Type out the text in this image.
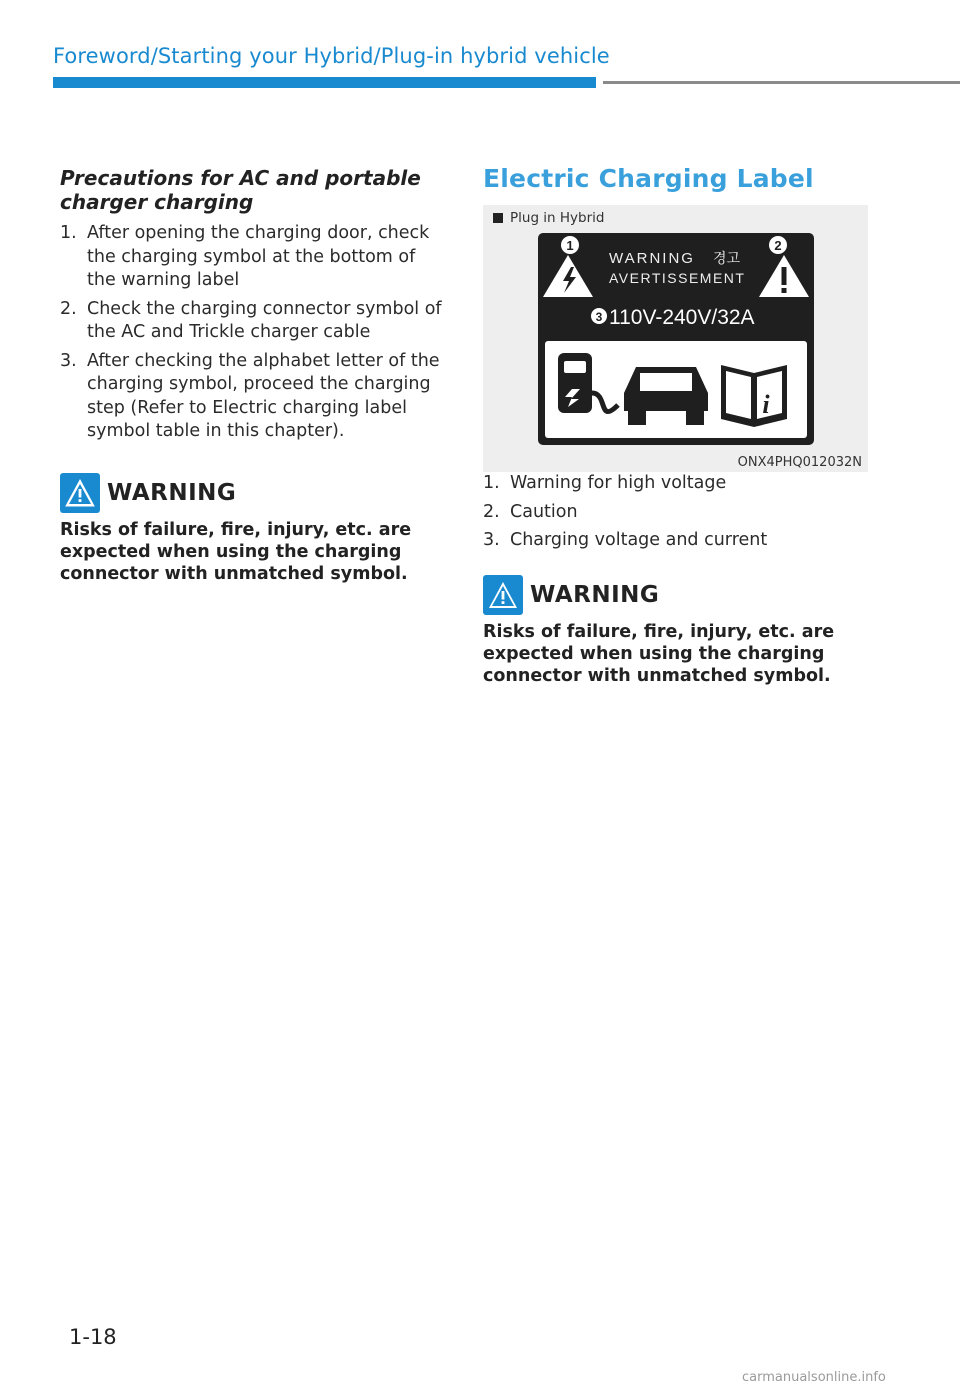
Foreword/Starting your Hybrid/Plug-in hybrid vehicle
Precautions for AC and portable
charger charging
1. After opening the charging door, check the charging symbol at the bottom of the warning label
2. Check the charging connector symbol of the AC and Trickle charger cable
3. After checking the alphabet letter of the charging symbol, proceed the charging step (Refer to Electric charging label symbol table in this chapter).
WARNING
Risks of failure, fire, injury, etc. are expected when using the charging connector with unmatched symbol.
Electric Charging Label
Plug in Hybrid
1
WARNING 경고
AVERTISSEMENT
2
3 110V-240V/32A
i
ONX4PHQ012032N
1. Warning for high voltage
2. Caution
3. Charging voltage and current
WARNING
Risks of failure, fire, injury, etc. are expected when using the charging connector with unmatched symbol.
1-18
carmanualsonline.info
